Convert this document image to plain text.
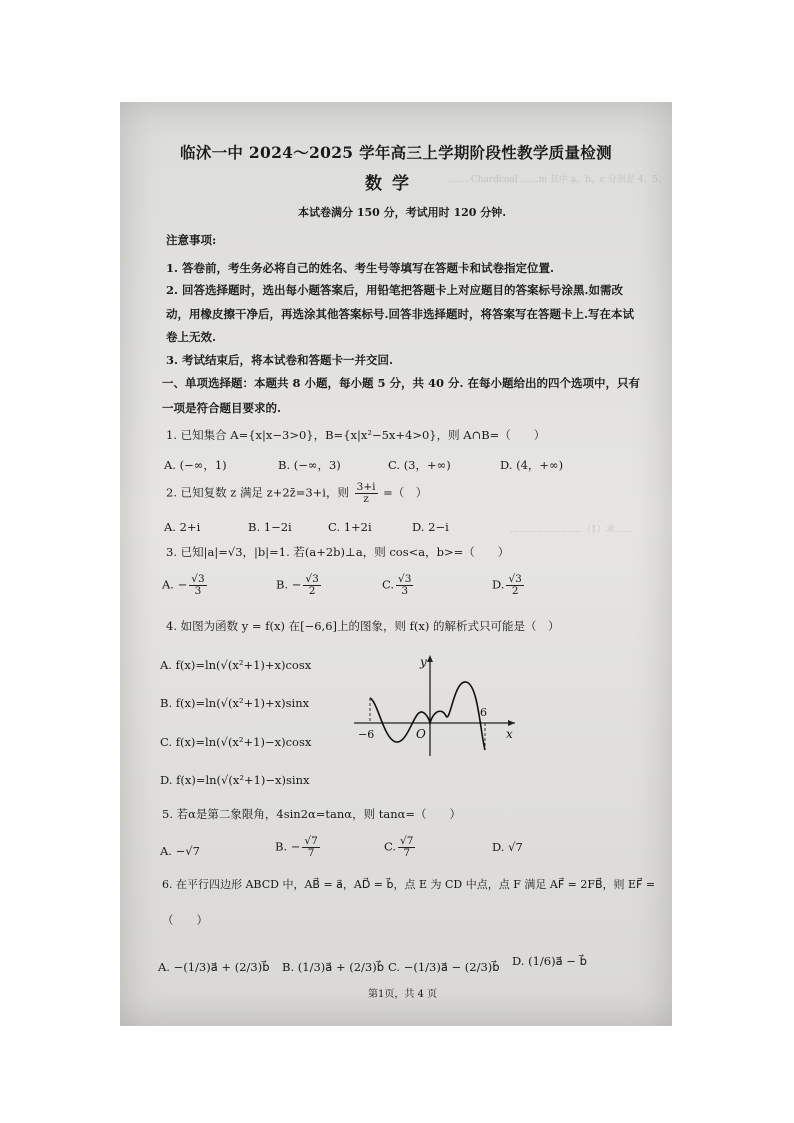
…… Chardcoal ……m 其中 a、b、c 分别是 4、5、
……………………（1）求……
临沭一中 2024～2025 学年高三上学期阶段性教学质量检测
数学
本试卷满分 150 分，考试用时 120 分钟.
注意事项:
1. 答卷前，考生务必将自己的姓名、考生号等填写在答题卡和试卷指定位置.
2. 回答选择题时，选出每小题答案后，用铅笔把答题卡上对应题目的答案标号涂黑.如需改
动，用橡皮擦干净后，再选涂其他答案标号.回答非选择题时，将答案写在答题卡上.写在本试
卷上无效.
3. 考试结束后，将本试卷和答题卡一并交回.
一、单项选择题：本题共 8 小题，每小题 5 分，共 40 分. 在每小题给出的四个选项中，只有
一项是符合题目要求的.
1. 已知集合 A={x|x−3>0}，B={x|x²−5x+4>0}，则 A∩B=（　　）
A. (−∞，1)	B. (−∞，3)	C. (3，+∞)	D. (4，+∞)
2. 已知复数 z 满足 z+2z̄=3+i，则 $\frac{3+i}{z}$ =（　）
A. 2+i	B. 1−2i	C. 1+2i	D. 2−i
3. 已知|a|=√3，|b|=1. 若(a+2b)⊥a，则 cos<a，b>=（　　）
A. − $\frac{√3}{3}$	B. − $\frac{√3}{2}$	C. $\frac{√3}{3}$	D. $\frac{√3}{2}$
4. 如图为函数 y = f(x) 在[−6,6]上的图象，则 f(x) 的解析式只可能是（　）
A. f(x)=ln(√(x²+1)+x)cosx
B. f(x)=ln(√(x²+1)+x)sinx
C. f(x)=ln(√(x²+1)−x)cosx
D. f(x)=ln(√(x²+1)−x)sinx
y
x
O
−6
6
5. 若α是第二象限角，4sin2α=tanα，则 tanα=（　　）
A. −√7	B. − $\frac{√7}{7}$	C. $\frac{√7}{7}$	D. √7
6. 在平行四边形 ABCD 中，AB⃗ = a⃗，AD⃗ = b⃗，点 E 为 CD 中点，点 F 满足 AF⃗ = 2FB⃗，则 EF⃗ =
（　　）
A. −(1/3)a⃗ + (2/3)b⃗ B. (1/3)a⃗ + (2/3)b⃗ C. −(1/3)a⃗ − (2/3)b⃗ D. (1/6)a⃗ − b⃗
第1页，共 4 页
